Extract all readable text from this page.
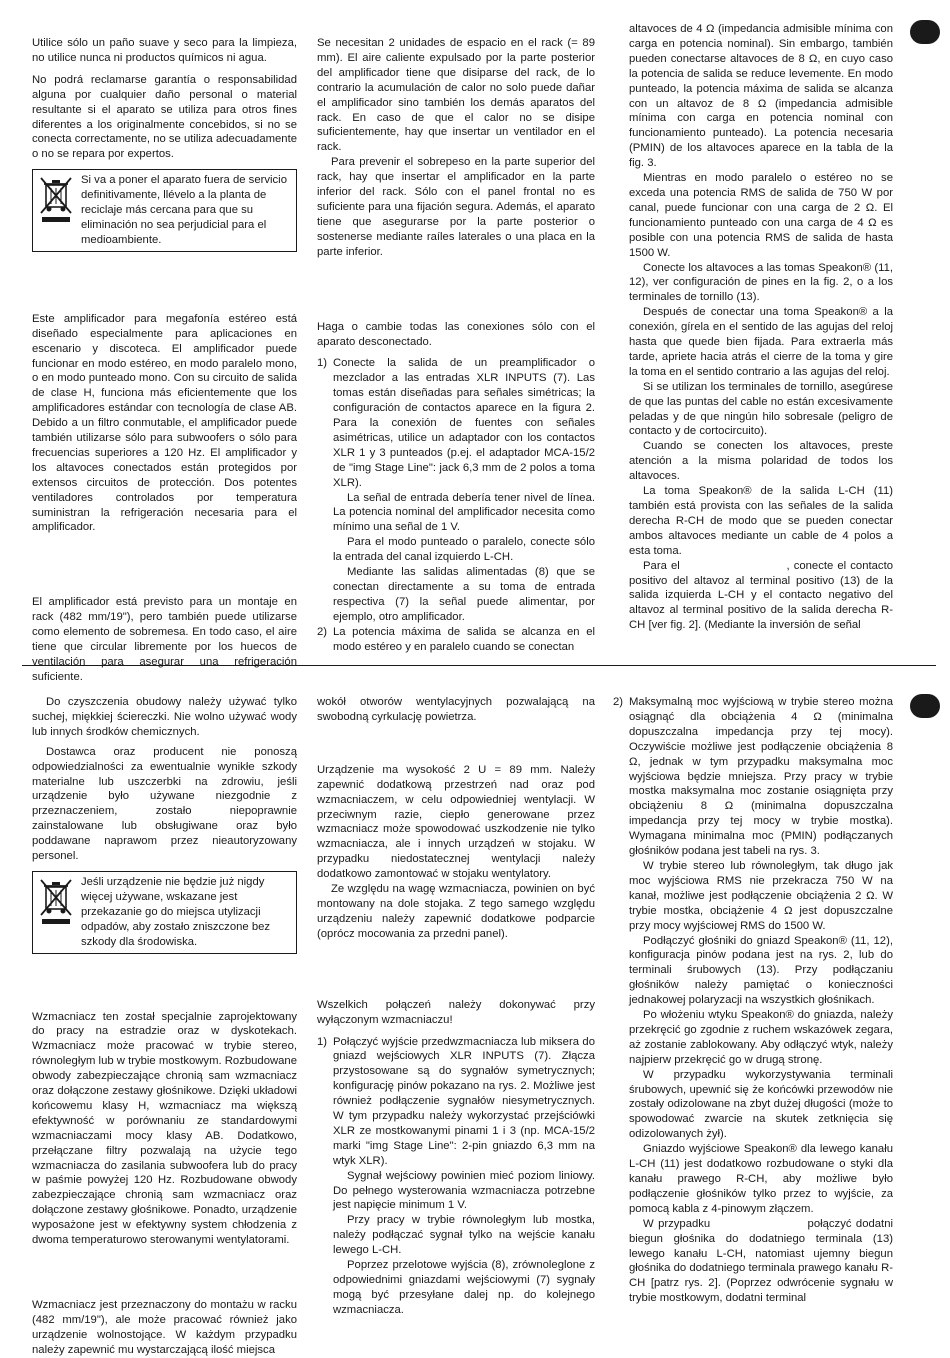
Utilice sólo un paño suave y seco para la limpieza, no utilice nunca ni productos químicos ni agua.

No podrá reclamarse garantía o responsabilidad alguna por cualquier daño personal o material resultante si el aparato se utiliza para otros fines diferentes a los originalmente concebidos, si no se conecta correctamente, no se utiliza adecuadamente o no se repara por expertos.

Si va a poner el aparato fuera de servicio definitivamente, llévelo a la planta de reciclaje más cercana para que su eliminación no sea perjudicial para el medioambiente.

Este amplificador para megafonía estéreo está diseñado especialmente para aplicaciones en escenario y discoteca. El amplificador puede funcionar en modo estéreo, en modo paralelo mono, o en modo punteado mono. Con su circuito de salida de clase H, funciona más eficientemente que los amplificadores estándar con tecnología de clase AB. Debido a un filtro conmutable, el amplificador puede también utilizarse sólo para subwoofers o sólo para frecuencias superiores a 120 Hz. El amplificador y los altavoces conectados están protegidos por extensos circuitos de protección. Dos potentes ventiladores controlados por temperatura suministran la refrigeración necesaria para el amplificador.

El amplificador está previsto para un montaje en rack (482 mm/19"), pero también puede utilizarse como elemento de sobremesa. En todo caso, el aire tiene que circular libremente por los huecos de ventilación para asegurar una refrigeración suficiente.

Se necesitan 2 unidades de espacio en el rack (= 89 mm). El aire caliente expulsado por la parte posterior del amplificador tiene que disiparse del rack, de lo contrario la acumulación de calor no solo puede dañar el amplificador sino también los demás aparatos del rack. En caso de que el calor no se disipe suficientemente, hay que insertar un ventilador en el rack.

Para prevenir el sobrepeso en la parte superior del rack, hay que insertar el amplificador en la parte inferior del rack. Sólo con el panel frontal no es suficiente para una fijación segura. Además, el aparato tiene que asegurarse por la parte posterior o sostenerse mediante raíles laterales o una placa en la parte inferior.

Haga o cambie todas las conexiones sólo con el aparato desconectado.

1) Conecte la salida de un preamplificador o mezclador a las entradas XLR INPUTS (7). Las tomas están diseñadas para señales simétricas; la configuración de contactos aparece en la figura 2. Para la conexión de fuentes con señales asimétricas, utilice un adaptador con los contactos XLR 1 y 3 punteados (p.ej. el adaptador MCA-15/2 de "img Stage Line": jack 6,3 mm de 2 polos a toma XLR).

La señal de entrada debería tener nivel de línea. La potencia nominal del amplificador necesita como mínimo una señal de 1 V.

Para el modo punteado o paralelo, conecte sólo la entrada del canal izquierdo L-CH.

Mediante las salidas alimentadas (8) que se conectan directamente a su toma de entrada respectiva (7) la señal puede alimentar, por ejemplo, otro amplificador.

2) La potencia máxima de salida se alcanza en el modo estéreo y en paralelo cuando se conectan

altavoces de 4 Ω (impedancia admisible mínima con carga en potencia nominal). Sin embargo, también pueden conectarse altavoces de 8 Ω, en cuyo caso la potencia de salida se reduce levemente. En modo punteado, la potencia máxima de salida se alcanza con un altavoz de 8 Ω (impedancia admisible mínima con carga en potencia nominal con funcionamiento punteado). La potencia necesaria (PMIN) de los altavoces aparece en la tabla de la fig. 3.

Mientras en modo paralelo o estéreo no se exceda una potencia RMS de salida de 750 W por canal, puede funcionar con una carga de 2 Ω. El funcionamiento punteado con una carga de 4 Ω es posible con una potencia RMS de salida de hasta 1500 W.

Conecte los altavoces a las tomas Speakon® (11, 12), ver configuración de pines en la fig. 2, o a los terminales de tornillo (13).

Después de conectar una toma Speakon® a la conexión, gírela en el sentido de las agujas del reloj hasta que quede bien fijada. Para extraerla más tarde, apriete hacia atrás el cierre de la toma y gire la toma en el sentido contrario a las agujas del reloj.

Si se utilizan los terminales de tornillo, asegúrese de que las puntas del cable no están excesivamente peladas y de que ningún hilo sobresale (peligro de contacto y de cortocircuito).

Cuando se conecten los altavoces, preste atención a la misma polaridad de todos los altavoces.

La toma Speakon® de la salida L-CH (11) también está provista con las señales de la salida derecha R-CH de modo que se pueden conectar ambos altavoces mediante un cable de 4 polos a esta toma.

Para el                          , conecte el contacto positivo del altavoz al terminal positivo (13) de la salida izquierda L-CH y el contacto negativo del altavoz al terminal positivo de la salida derecha R-CH [ver fig. 2]. (Mediante la inversión de señal

Do czyszczenia obudowy należy używać tylko suchej, miękkiej ściereczki. Nie wolno używać wody lub innych środków chemicznych.

Dostawca oraz producent nie ponoszą odpowiedzialności za ewentualnie wynikłe szkody materialne lub uszczerbki na zdrowiu, jeśli urządzenie było używane niezgodnie z przeznaczeniem, zostało niepoprawnie zainstalowane lub obsługiwane oraz było poddawane naprawom przez nieautoryzowany personel.

Jeśli urządzenie nie będzie już nigdy więcej używane, wskazane jest przekazanie go do miejsca utylizacji odpadów, aby zostało zniszczone bez szkody dla środowiska.

Wzmacniacz ten został specjalnie zaprojektowany do pracy na estradzie oraz w dyskotekach. Wzmacniacz może pracować w trybie stereo, równoległym lub w trybie mostkowym. Rozbudowane obwody zabezpieczające chronią sam wzmacniacz oraz dołączone zestawy głośnikowe. Dzięki układowi końcowemu klasy H, wzmacniacz ma większą efektywność w porównaniu ze standardowymi wzmacniaczami mocy klasy AB. Dodatkowo, przełączane filtry pozwalają na użycie tego wzmacniacza do zasilania subwoofera lub do pracy w paśmie powyżej 120 Hz. Rozbudowane obwody zabezpieczające chronią sam wzmacniacz oraz dołączone zestawy głośnikowe. Ponadto, urządzenie wyposażone jest w efektywny system chłodzenia z dwoma temperaturowo sterowanymi wentylatorami.

Wzmacniacz jest przeznaczony do montażu w racku (482 mm/19"), ale może pracować również jako urządzenie wolnostojące. W każdym przypadku należy zapewnić mu wystarczającą ilość miejsca

wokół otworów wentylacyjnych pozwalającą na swobodną cyrkulację powietrza.

Urządzenie ma wysokość 2 U = 89 mm. Należy zapewnić dodatkową przestrzeń nad oraz pod wzmacniaczem, w celu odpowiedniej wentylacji. W przeciwnym razie, ciepło generowane przez wzmacniacz może spowodować uszkodzenie nie tylko wzmacniacza, ale i innych urządzeń w stojaku. W przypadku niedostatecznej wentylacji należy dodatkowo zamontować w stojaku wentylatory.

Ze względu na wagę wzmacniacza, powinien on być montowany na dole stojaka. Z tego samego względu urządzeniu należy zapewnić dodatkowe podparcie (oprócz mocowania za przedni panel).

Wszelkich połączeń należy dokonywać przy wyłączonym wzmacniaczu!

1) Połączyć wyjście przedwzmacniacza lub miksera do gniazd wejściowych XLR INPUTS (7). Złącza przystosowane są do sygnałów symetrycznych; konfigurację pinów pokazano na rys. 2. Możliwe jest również podłączenie sygnałów niesymetrycznych. W tym przypadku należy wykorzystać przejściówki XLR ze mostkowanymi pinami 1 i 3 (np. MCA-15/2 marki "img Stage Line": 2-pin gniazdo 6,3 mm na wtyk XLR).

Sygnał wejściowy powinien mieć poziom liniowy. Do pełnego wysterowania wzmacniacza potrzebne jest napięcie minimum 1 V.

Przy pracy w trybie równoległym lub mostka, należy podłączać sygnał tylko na wejście kanału lewego L-CH.

Poprzez przelotowe wyjścia (8), zrównoleglone z odpowiednimi gniazdami wejściowymi (7) sygnały mogą być przesyłane dalej np. do kolejnego wzmacniacza.

2) Maksymalną moc wyjściową w trybie stereo można osiągnąć dla obciążenia 4 Ω (minimalna dopuszczalna impedancja przy tej mocy). Oczywiście możliwe jest podłączenie obciążenia 8 Ω, jednak w tym przypadku maksymalna moc wyjściowa będzie mniejsza. Przy pracy w trybie mostka maksymalna moc zostanie osiągnięta przy obciążeniu 8 Ω (minimalna dopuszczalna impedancja przy tej mocy w trybie mostka). Wymagana minimalna moc (PMIN) podłączanych głośników podana jest tabeli na rys. 3.

W trybie stereo lub równoległym, tak długo jak moc wyjściowa RMS nie przekracza 750 W na kanał, możliwe jest podłączenie obciążenia 2 Ω. W trybie mostka, obciążenie 4 Ω jest dopuszczalne przy mocy wyjściowej RMS do 1500 W.

Podłączyć głośniki do gniazd Speakon® (11, 12), konfiguracja pinów podana jest na rys. 2, lub do terminali śrubowych (13). Przy podłączaniu głośników należy pamiętać o konieczności jednakowej polaryzacji na wszystkich głośnikach.

Po włożeniu wtyku Speakon® do gniazda, należy przekręcić go zgodnie z ruchem wskazówek zegara, aż zostanie zablokowany. Aby odłączyć wtyk, należy najpierw przekręcić go w drugą stronę.

W przypadku wykorzystywania terminali śrubowych, upewnić się że końcówki przewodów nie zostały odizolowane na zbyt dużej długości (może to spowodować zwarcie na skutek zetknięcia się odizolowanych żył).

Gniazdo wyjściowe Speakon® dla lewego kanału L-CH (11) jest dodatkowo rozbudowane o styki dla kanału prawego R-CH, aby możliwe było podłączenie głośników tylko przez to wyjście, za pomocą kabla z 4-pinowym złączem.

W przypadku                      połączyć dodatni biegun głośnika do dodatniego terminala (13) lewego kanału L-CH, natomiast ujemny biegun głośnika do dodatniego terminala prawego kanału R-CH [patrz rys. 2]. (Poprzez odwrócenie sygnału w trybie mostkowym, dodatni terminal
